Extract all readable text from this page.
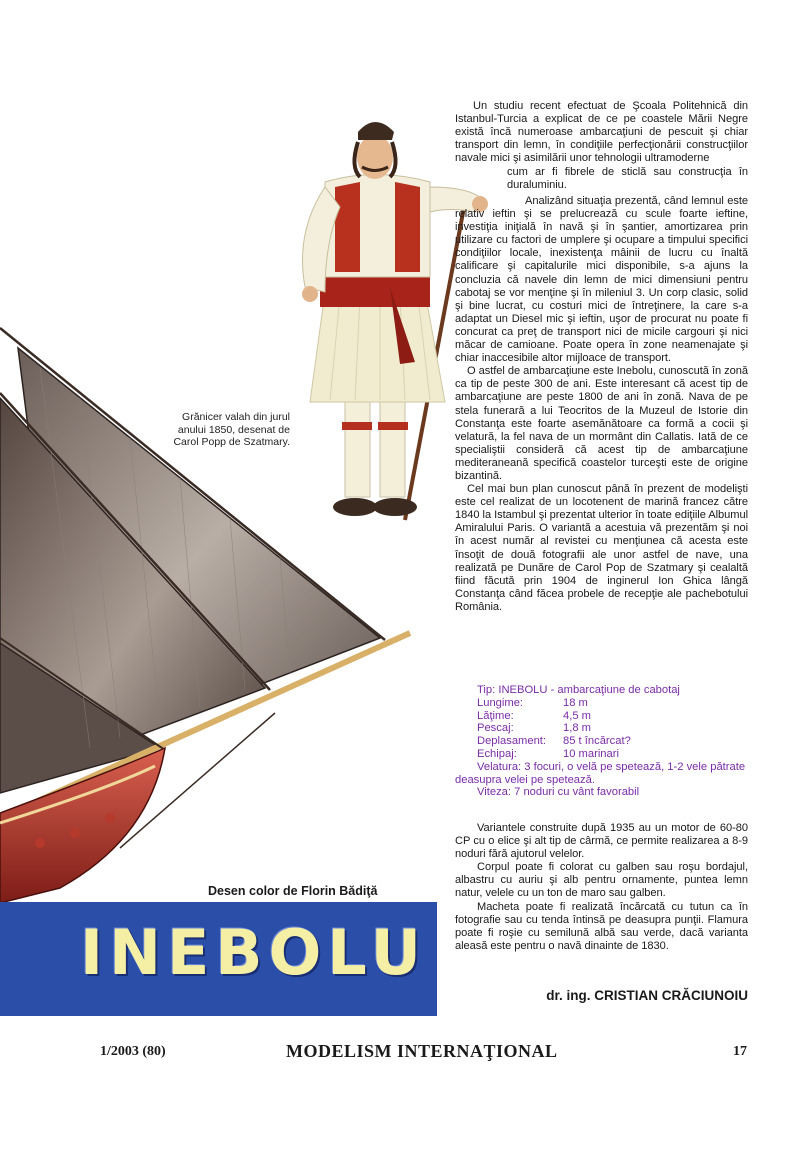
Grănicer valah din jurul anului 1850, desenat de Carol Popp de Szatmary.

Un studiu recent efectuat de Şcoala Politehnică din Istanbul-Turcia a explicat de ce pe coastele Mării Negre există încă numeroase ambarcaţiuni de pescuit şi chiar transport din lemn, în condiţiile perfecţionării construcţiilor navale mici şi asimilării unor tehnologii ultramoderne

cum ar fi fibrele de sticlă sau construcţia în duraluminiu.

Analizând situaţia prezentă, când lemnul este relativ ieftin şi se prelucrează cu scule foarte ieftine, investiţia iniţială în navă şi în şantier, amortizarea prin utilizare cu factori de umplere şi ocupare a timpului specifici condiţiilor locale, inexistenţa mâinii de lucru cu înaltă calificare şi capitalurile mici disponibile, s-a ajuns la concluzia că navele din lemn de mici dimensiuni pentru cabotaj se vor menţine şi în mileniul 3. Un corp clasic, solid şi bine lucrat, cu costuri mici de întreţinere, la care s-a adaptat un Diesel mic şi ieftin, uşor de procurat nu poate fi concurat ca preţ de transport nici de micile cargouri şi nici măcar de camioane. Poate opera în zone neamenajate şi chiar inaccesibile altor mijloace de transport.

O astfel de ambarcaţiune este Inebolu, cunoscută în zonă ca tip de peste 300 de ani. Este interesant că acest tip de ambarcaţiune are peste 1800 de ani în zonă. Nava de pe stela funerară a lui Teocritos de la Muzeul de Istorie din Constanţa este foarte asemănătoare ca formă a cocii şi velatură, la fel nava de un mormânt din Callatis. Iată de ce specialiştii consideră că acest tip de ambarcaţiune mediteraneană specifică coastelor turceşti este de origine bizantină.

Cel mai bun plan cunoscut până în prezent de modelişti este cel realizat de un locotenent de marină francez către 1840 la Istambul şi prezentat ulterior în toate ediţiile Albumul Amiralului Paris. O variantă a acestuia vă prezentăm şi noi în acest număr al revistei cu menţiunea că acesta este însoţit de două fotografii ale unor astfel de nave, una realizată pe Dunăre de Carol Pop de Szatmary şi cealaltă fiind făcută prin 1904 de inginerul Ion Ghica lângă Constanţa când făcea probele de recepţie ale pachebotului România.

Tip: INEBOLU - ambarcaţiune de cabotaj
Lungime:	18 m
Lăţime:	4,5 m
Pescaj:	1,8 m
Deplasament:	85 t încărcat?
Echipaj:	10 marinari
Velatura: 3 focuri, o velă pe spetează, 1-2 vele pătrate deasupra velei pe spetează.
Viteza: 7 noduri cu vânt favorabil

Variantele construite după 1935 au un motor de 60-80 CP cu o elice şi alt tip de cârmă, ce permite realizarea a 8-9 noduri fără ajutorul velelor.

Corpul poate fi colorat cu galben sau roşu bordajul, albastru cu auriu şi alb pentru ornamente, puntea lemn natur, velele cu un ton de maro sau galben.

Macheta poate fi realizată încărcată cu tutun ca în fotografie sau cu tenda întinsă pe deasupra punţii. Flamura poate fi roşie cu semilună albă sau verde, dacă varianta aleasă este pentru o navă dinainte de 1830.

dr. ing. CRISTIAN CRĂCIUNOIU
Desen color de Florin Bădiţă
INEBOLU
1/2003 (80)	MODELISM INTERNAŢIONAL	17
